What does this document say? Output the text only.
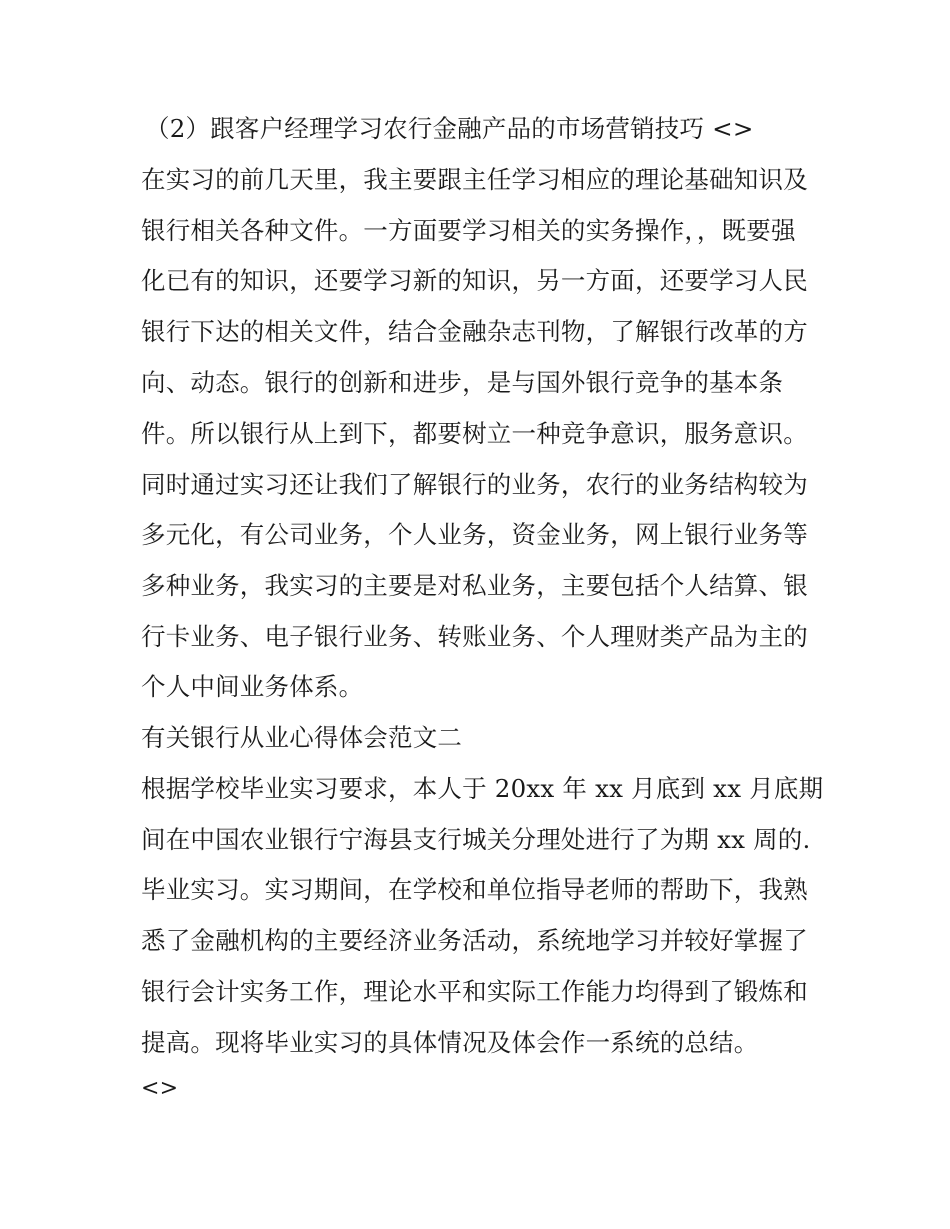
（2）跟客户经理学习农行金融产品的市场营销技巧 <>
在实习的前几天里，我主要跟主任学习相应的理论基础知识及
银行相关各种文件。一方面要学习相关的实务操作，，既要强
化已有的知识，还要学习新的知识，另一方面，还要学习人民
银行下达的相关文件，结合金融杂志刊物，了解银行改革的方
向、动态。银行的创新和进步，是与国外银行竞争的基本条
件。所以银行从上到下，都要树立一种竞争意识，服务意识。
同时通过实习还让我们了解银行的业务，农行的业务结构较为
多元化，有公司业务，个人业务，资金业务，网上银行业务等
多种业务，我实习的主要是对私业务，主要包括个人结算、银
行卡业务、电子银行业务、转账业务、个人理财类产品为主的
个人中间业务体系。
有关银行从业心得体会范文二
根据学校毕业实习要求，本人于 20xx 年 xx 月底到 xx 月底期
间在中国农业银行宁海县支行城关分理处进行了为期 xx 周的.
毕业实习。实习期间，在学校和单位指导老师的帮助下，我熟
悉了金融机构的主要经济业务活动，系统地学习并较好掌握了
银行会计实务工作，理论水平和实际工作能力均得到了锻炼和
提高。现将毕业实习的具体情况及体会作一系统的总结。
<>
